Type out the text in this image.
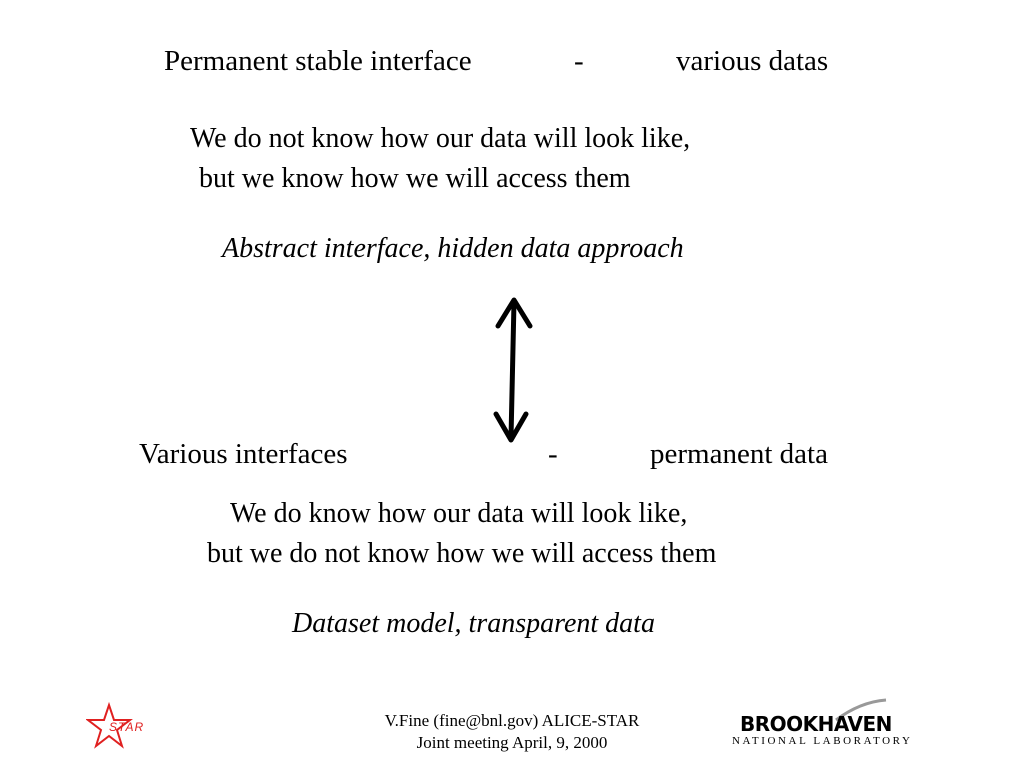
Permanent stable interface	-	various datas
We do not know how our data will look like,
but we know how we will access them
Abstract interface, hidden data approach
Various interfaces	-	permanent data
We do know how our data will look like,
but we do not know how we will access them
Dataset model, transparent data
STAR	V.Fine (fine@bnl.gov) ALICE-STAR
Joint meeting April, 9, 2000
BROOKHAVEN
NATIONAL LABORATORY
